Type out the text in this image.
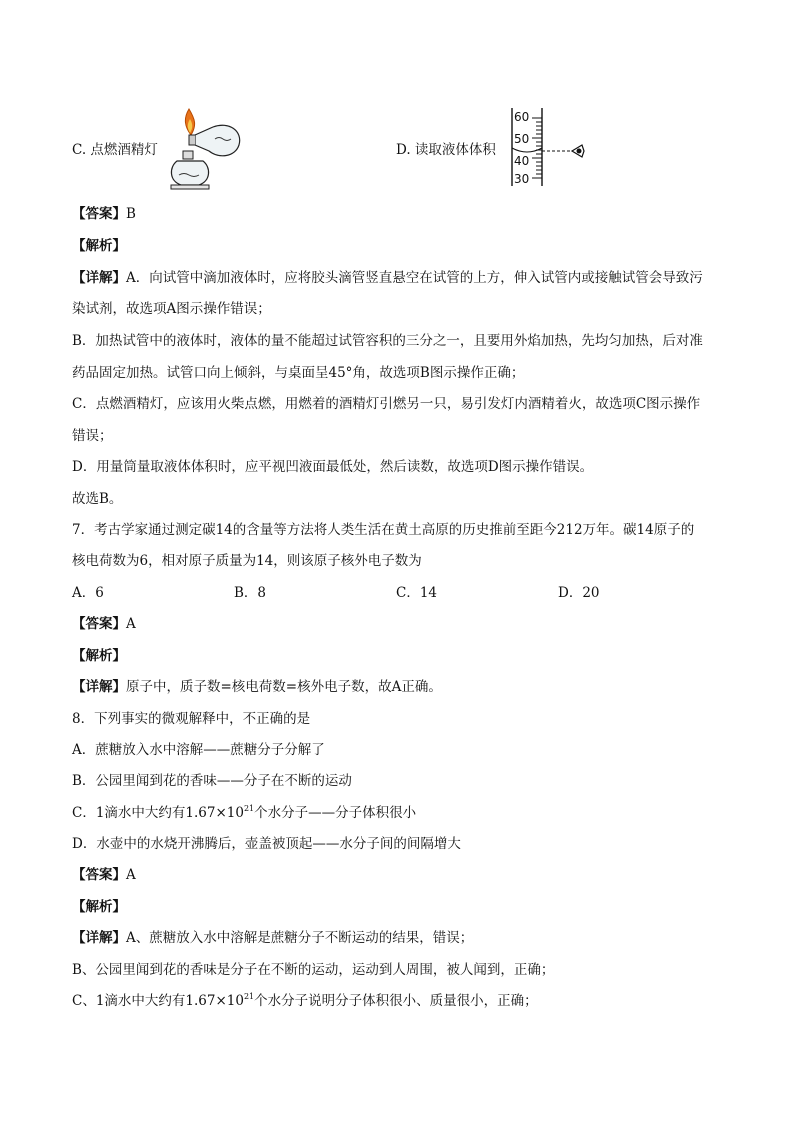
C. 点燃酒精灯	D. 读取液体体积
60
50
40
30
【答案】B
【解析】
【详解】A．向试管中滴加液体时，应将胶头滴管竖直悬空在试管的上方，伸入试管内或接触试管会导致污
染试剂，故选项A图示操作错误；
B．加热试管中的液体时，液体的量不能超过试管容积的三分之一，且要用外焰加热，先均匀加热，后对准
药品固定加热。试管口向上倾斜，与桌面呈45°角，故选项B图示操作正确；
C．点燃酒精灯，应该用火柴点燃，用燃着的酒精灯引燃另一只，易引发灯内酒精着火，故选项C图示操作
错误；
D．用量筒量取液体体积时，应平视凹液面最低处，然后读数，故选项D图示操作错误。
故选B。
7．考古学家通过测定碳14的含量等方法将人类生活在黄土高原的历史推前至距今212万年。碳14原子的
核电荷数为6，相对原子质量为14，则该原子核外电子数为
A．6	B．8	C．14	D．20
【答案】A
【解析】
【详解】原子中，质子数=核电荷数=核外电子数，故A正确。
8．下列事实的微观解释中，不正确的是
A．蔗糖放入水中溶解——蔗糖分子分解了
B．公园里闻到花的香味——分子在不断的运动
C．1滴水中大约有$1.67\times 10^{21}$个水分子——分子体积很小
D．水壶中的水烧开沸腾后，壶盖被顶起——水分子间的间隔增大
【答案】A
【解析】
【详解】A、蔗糖放入水中溶解是蔗糖分子不断运动的结果，错误；
B、公园里闻到花的香味是分子在不断的运动，运动到人周围，被人闻到，正确；
C、1滴水中大约有$1.67\times 10^{21}$个水分子说明分子体积很小、质量很小，正确；
